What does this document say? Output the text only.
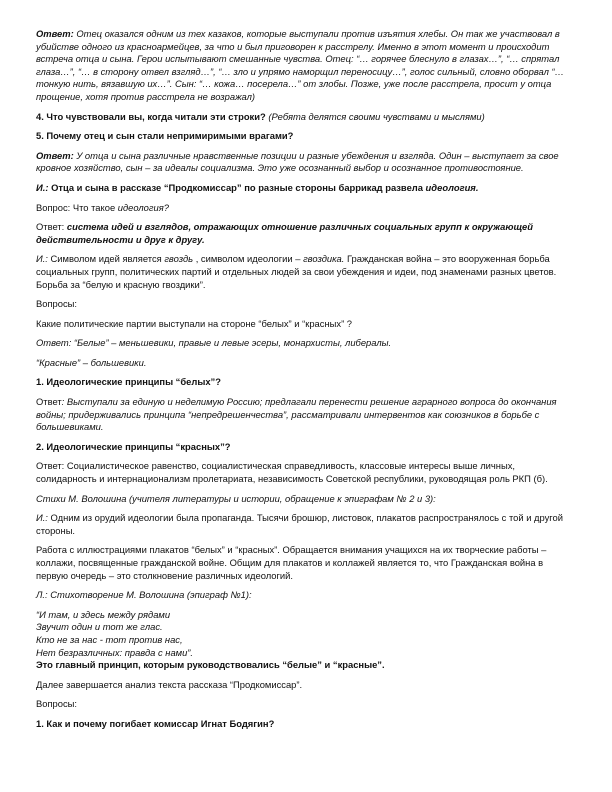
Ответ: Отец оказался одним из тех казаков, которые выступали против изъятия хлебы. Он так же участвовал в убийстве одного из красноармейцев, за что и был приговорен к расстрелу. Именно в этот момент и происходит встреча отца и сына. Герои испытывают смешанные чувства. Отец: “… горячее блеснуло в глазах…”, “… спрятал глаза…”, “… в сторону отвел взгляд…”, “… зло и упрямо наморщил переносицу…”, голос сильный, словно оборвал “… тонкую нить, вязавшую их…”. Сын: “… кожа… посерела…” от злобы. Позже, уже после расстрела, просит у отца прощение, хотя против расстрела не возражал)

4. Что чувствовали вы, когда читали эти строки? (Ребята делятся своими чувствами и мыслями)

5. Почему отец и сын стали непримиримыми врагами?

Ответ: У отца и сына различные нравственные позиции и разные убеждения и взгляда. Один – выступает за свое кровное хозяйство, сын – за идеалы социализма. Это уже осознанный выбор и осознанное противостояние.

И.: Отца и сына в рассказе “Продкомиссар” по разные стороны баррикад развела идеология.

Вопрос: Что такое идеология?

Ответ: система идей и взглядов, отражающих отношение различных социальных групп к окружающей действительности и друг к другу.

И.: Символом идей является гвоздь , символом идеологии – гвоздика. Гражданская война – это вооруженная борьба социальных групп, политических партий и отдельных людей за свои убеждения и идеи, под знаменами разных цветов. Борьба за “белую и красную гвоздики”.

Вопросы:

Какие политические партии выступали на стороне “белых” и “красных” ?

Ответ: “Белые” – меньшевики, правые и левые эсеры, монархисты, либералы.

“Красные” – большевики.

1. Идеологические принципы “белых”?

Ответ: Выступали за единую и неделимую Россию; предлагали перенести решение аграрного вопроса до окончания войны; придерживались принципа “непредрешенчества”, рассматривали интервентов как союзников в борьбе с большевиками.

2. Идеологические принципы “красных”?

Ответ: Социалистическое равенство, социалистическая справедливость, классовые интересы выше личных, солидарность и интернационализм пролетариата, независимость Советской республики, руководящая роль РКП (б).

Стихи М. Волошина (учителя литературы и истории, обращение к эпиграфам № 2 и 3):

И.: Одним из орудий идеологии была пропаганда. Тысячи брошюр, листовок, плакатов распространялось с той и другой стороны.

Работа с иллюстрациями плакатов “белых” и “красных”. Обращается внимания учащихся на их творческие работы – коллажи, посвященные гражданской войне. Общим для плакатов и коллажей является то, что Гражданская война в первую очередь – это столкновение различных идеологий.

Л.: Стихотворение М. Волошина (эпиграф №1):

“И там, и здесь между рядами
Звучит один и тот же глас.
Кто не за нас - тот против нас,
Нет безразличных: правда с нами”.

Это главный принцип, которым руководствовались “белые” и “красные”.

Далее завершается анализ текста рассказа “Продкомиссар”.

Вопросы:

1. Как и почему погибает комиссар Игнат Бодягин?
